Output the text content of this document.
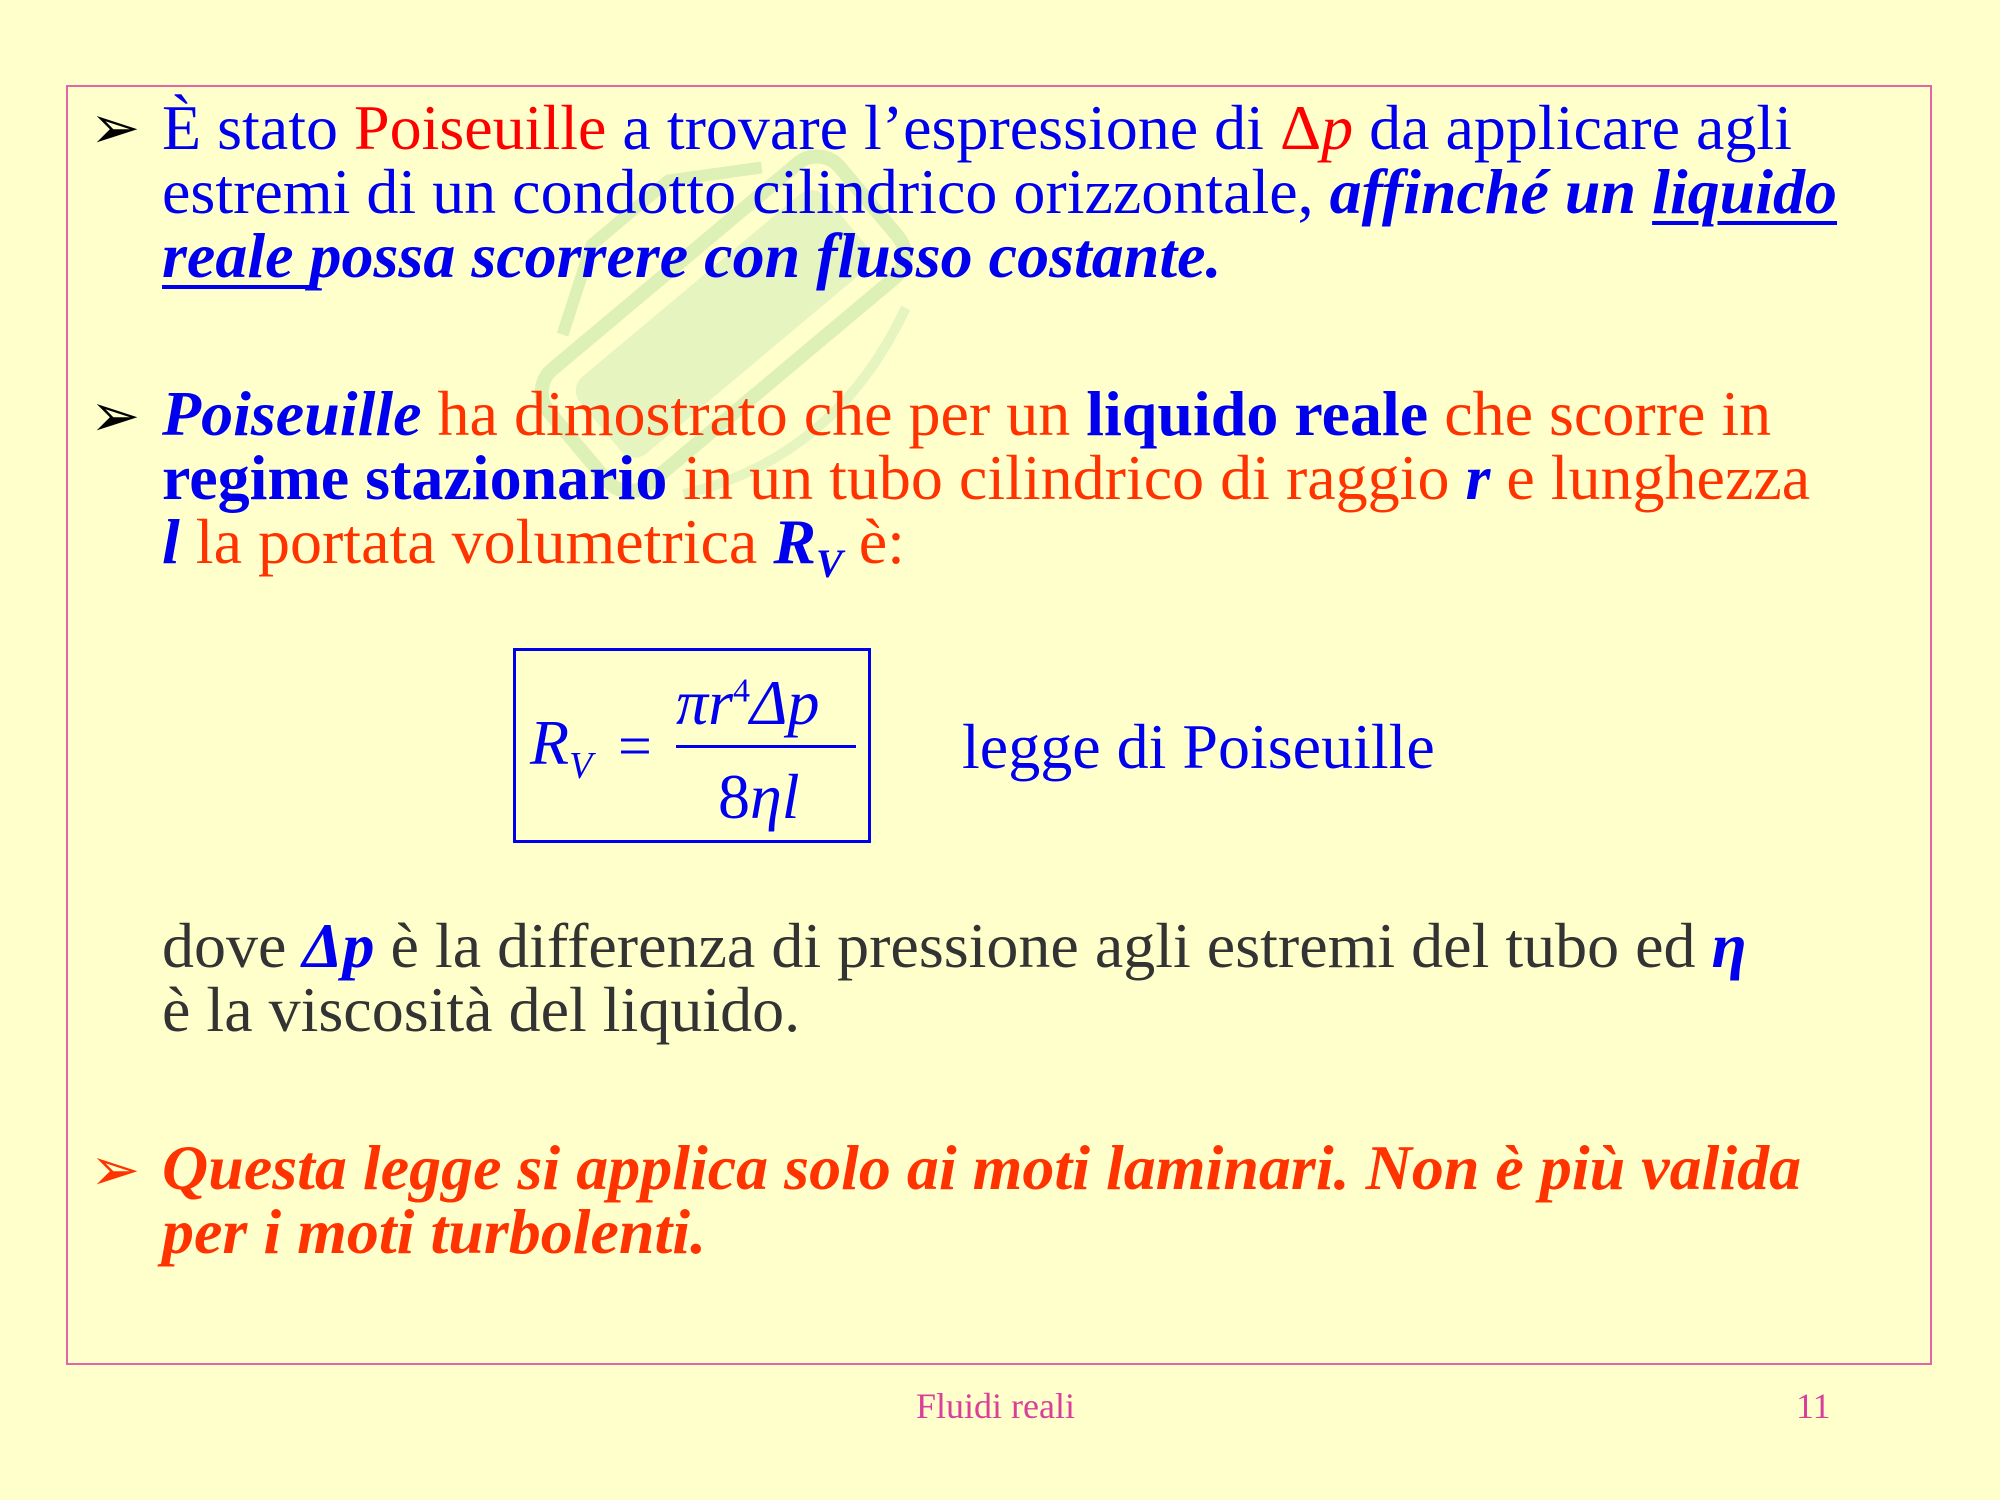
➢ È stato Poiseuille a trovare l’espressione di Δp da applicare agli
estremi di un condotto cilindrico orizzontale, affinché un liquido
reale possa scorrere con flusso costante.
➢ Poiseuille ha dimostrato che per un liquido reale che scorre in
regime stazionario in un tubo cilindrico di raggio r e lunghezza
l la portata volumetrica $R_V$ è:
$R_V$ =
$\pi r^4\Delta p$
8ηl
legge di Poiseuille
dove Δp è la differenza di pressione agli estremi del tubo ed η
è la viscosità del liquido.
➢ Questa legge si applica solo ai moti laminari. Non è più valida
per i moti turbolenti.
Fluidi reali	11
